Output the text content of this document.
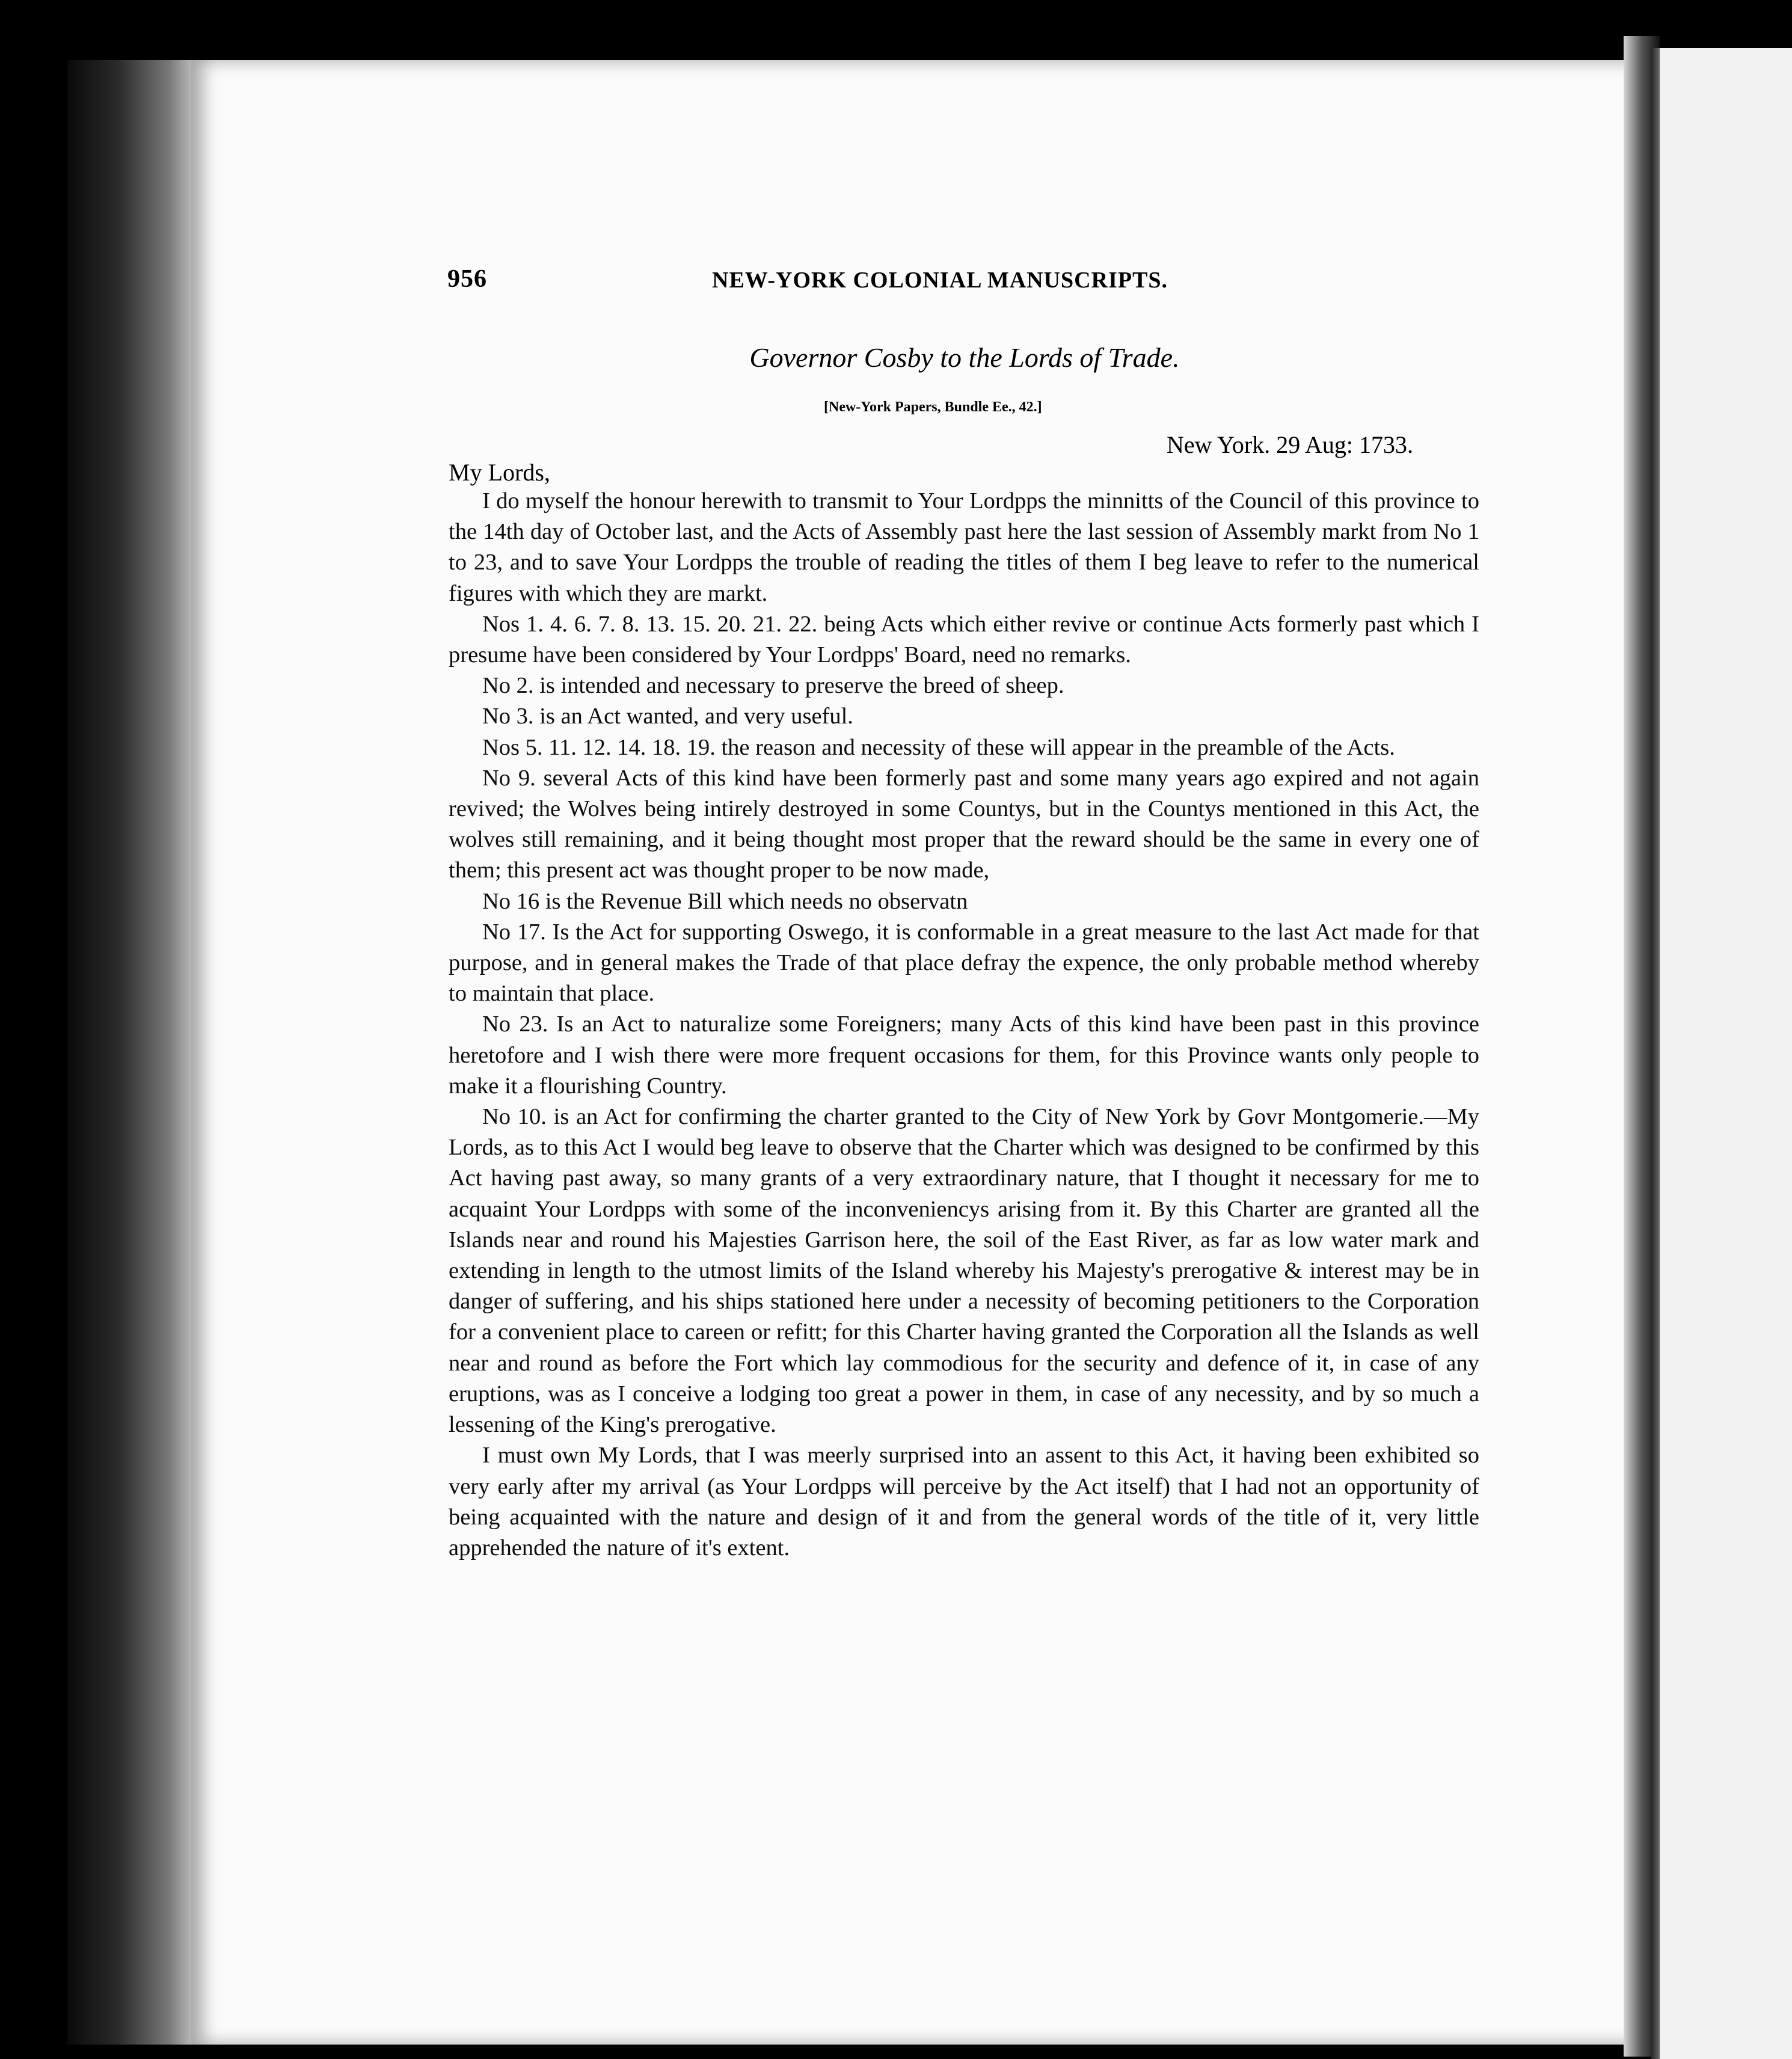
956	NEW-YORK COLONIAL MANUSCRIPTS.
Governor Cosby to the Lords of Trade.
[New-York Papers, Bundle Ee., 42.]
New York. 29 Aug: 1733.
My Lords,

I do myself the honour herewith to transmit to Your Lordpps the minnitts of the Council of this province to the 14th day of October last, and the Acts of Assembly past here the last session of Assembly markt from No 1 to 23, and to save Your Lordpps the trouble of reading the titles of them I beg leave to refer to the numerical figures with which they are markt.

Nos 1. 4. 6. 7. 8. 13. 15. 20. 21. 22. being Acts which either revive or continue Acts formerly past which I presume have been considered by Your Lordpps' Board, need no remarks.

No 2. is intended and necessary to preserve the breed of sheep.

No 3. is an Act wanted, and very useful.

Nos 5. 11. 12. 14. 18. 19. the reason and necessity of these will appear in the preamble of the Acts.

No 9. several Acts of this kind have been formerly past and some many years ago expired and not again revived; the Wolves being intirely destroyed in some Countys, but in the Countys mentioned in this Act, the wolves still remaining, and it being thought most proper that the reward should be the same in every one of them; this present act was thought proper to be now made,

No 16 is the Revenue Bill which needs no observatn

No 17. Is the Act for supporting Oswego, it is conformable in a great measure to the last Act made for that purpose, and in general makes the Trade of that place defray the expence, the only probable method whereby to maintain that place.

No 23. Is an Act to naturalize some Foreigners; many Acts of this kind have been past in this province heretofore and I wish there were more frequent occasions for them, for this Province wants only people to make it a flourishing Country.

No 10. is an Act for confirming the charter granted to the City of New York by Govr Montgomerie.—My Lords, as to this Act I would beg leave to observe that the Charter which was designed to be confirmed by this Act having past away, so many grants of a very extraordinary nature, that I thought it necessary for me to acquaint Your Lordpps with some of the inconveniencys arising from it. By this Charter are granted all the Islands near and round his Majesties Garrison here, the soil of the East River, as far as low water mark and extending in length to the utmost limits of the Island whereby his Majesty's prerogative & interest may be in danger of suffering, and his ships stationed here under a necessity of becoming petitioners to the Corporation for a convenient place to careen or refitt; for this Charter having granted the Corporation all the Islands as well near and round as before the Fort which lay commodious for the security and defence of it, in case of any eruptions, was as I conceive a lodging too great a power in them, in case of any necessity, and by so much a lessening of the King's prerogative.

I must own My Lords, that I was meerly surprised into an assent to this Act, it having been exhibited so very early after my arrival (as Your Lordpps will perceive by the Act itself) that I had not an opportunity of being acquainted with the nature and design of it and from the general words of the title of it, very little apprehended the nature of it's extent.
